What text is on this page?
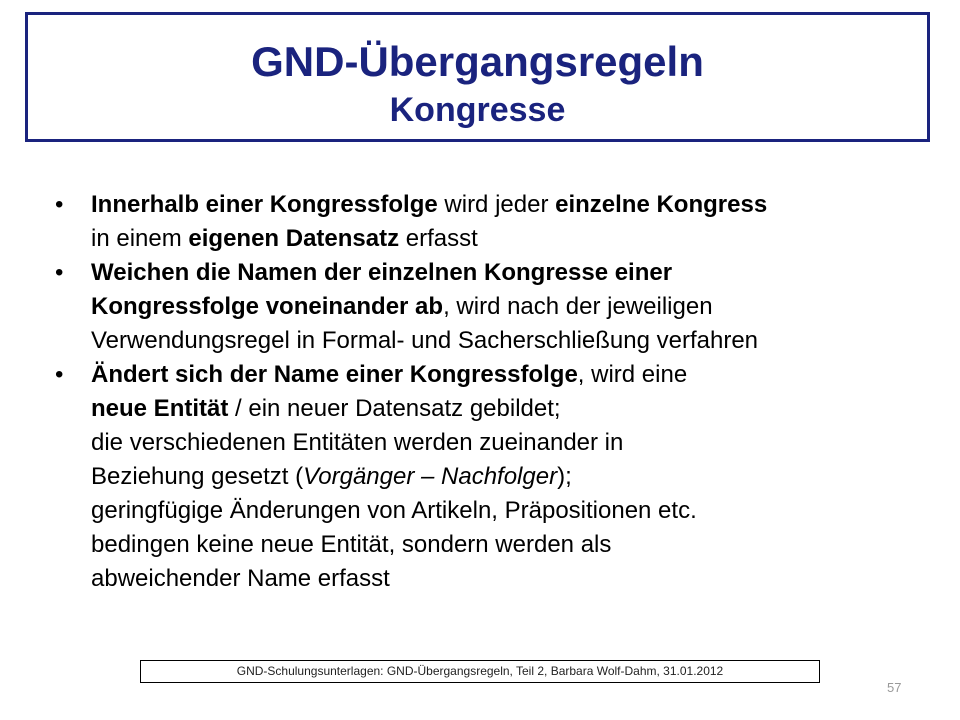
GND-Übergangsregeln
Kongresse
•	Innerhalb einer Kongressfolge wird jeder einzelne Kongress
in einem eigenen Datensatz erfasst
•	Weichen die Namen der einzelnen Kongresse einer
Kongressfolge voneinander ab, wird nach der jeweiligen
Verwendungsregel in Formal- und Sacherschließung verfahren
•	Ändert sich der Name einer Kongressfolge, wird eine
neue Entität / ein neuer Datensatz gebildet;
die verschiedenen Entitäten werden zueinander in
Beziehung gesetzt (Vorgänger – Nachfolger);
geringfügige Änderungen von Artikeln, Präpositionen etc.
bedingen keine neue Entität, sondern werden als
abweichender Name erfasst
GND-Schulungsunterlagen: GND-Übergangsregeln, Teil 2, Barbara Wolf-Dahm, 31.01.2012
57
